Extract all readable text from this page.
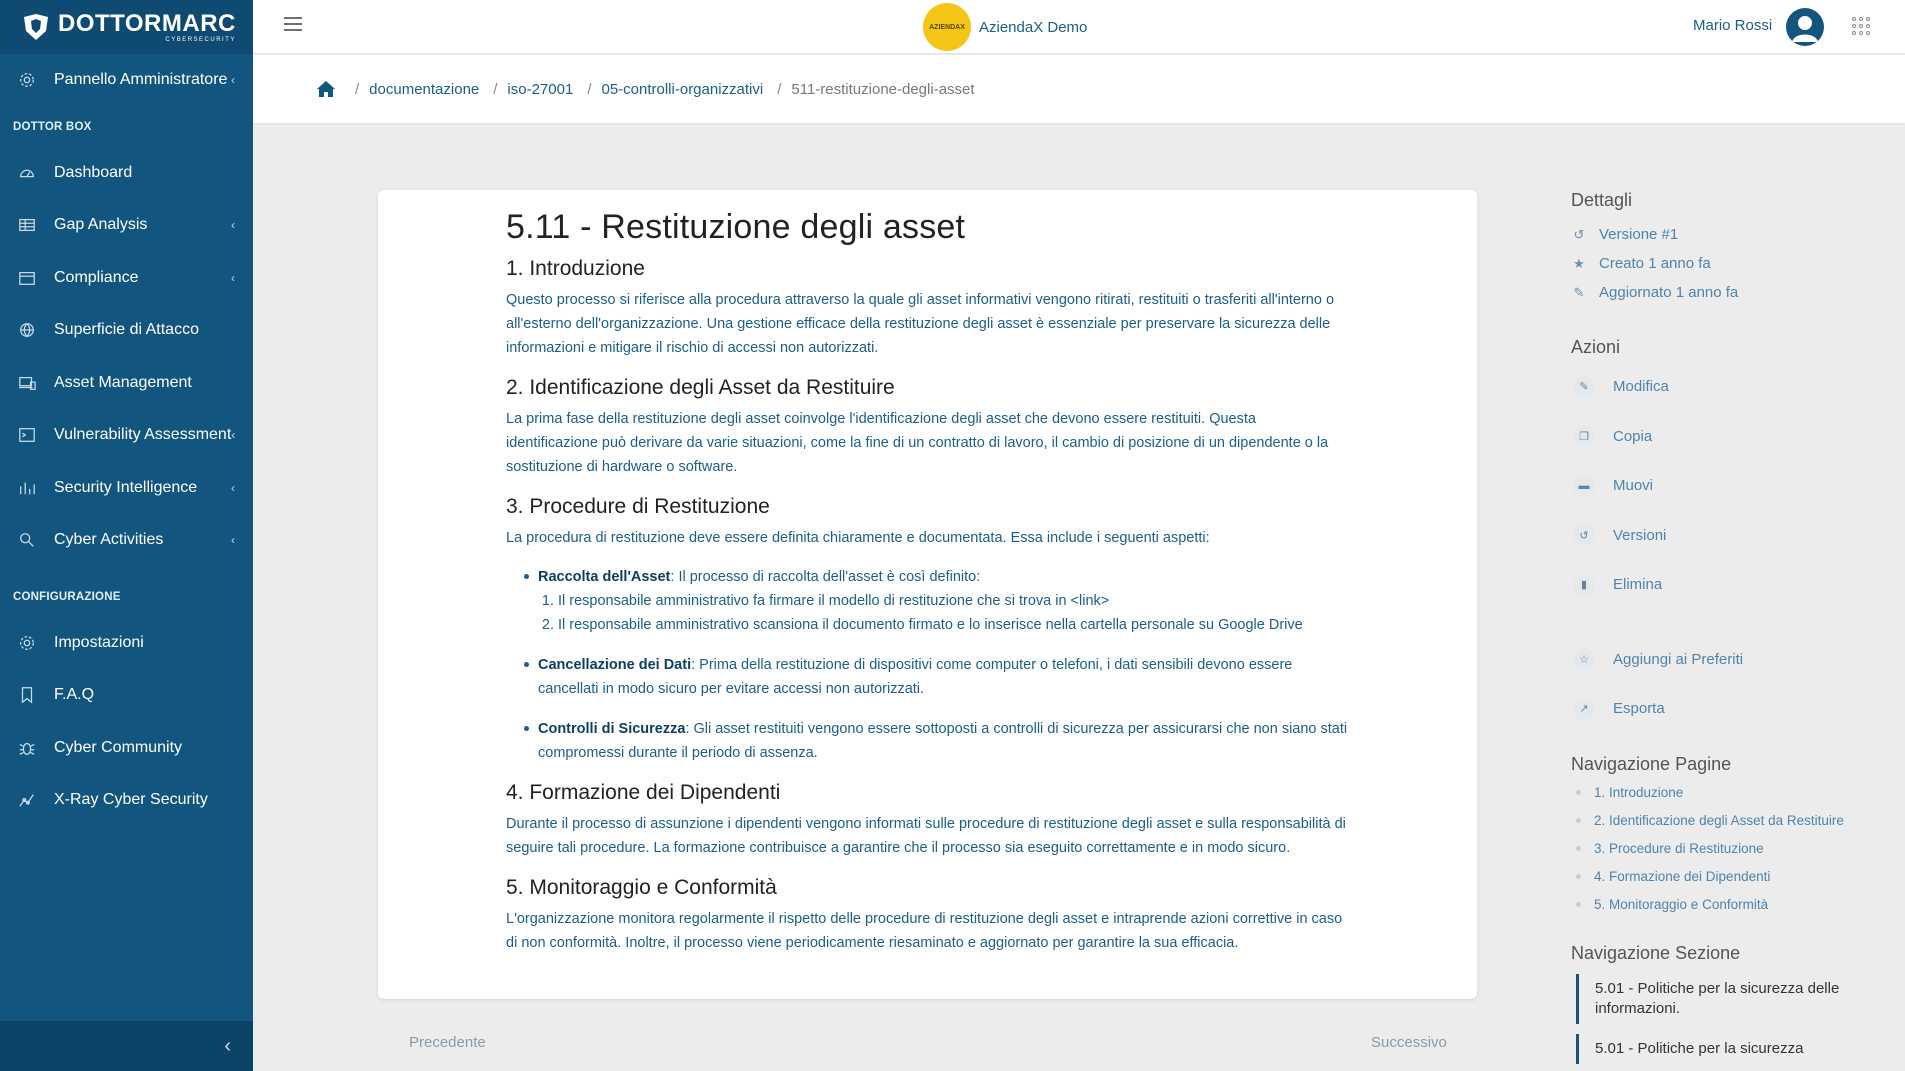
DOTTORMARC
CYBERSECURITY
Pannello Amministratore ‹
DOTTOR BOX
Dashboard
Gap Analysis	‹
Compliance	‹
Superficie di Attacco
Asset Management
Vulnerability Assessment ‹
Security Intelligence	‹
Cyber Activities	‹
CONFIGURAZIONE
Impostazioni
F.A.Q
Cyber Community
X-Ray Cyber Security
‹
AZIENDAX AziendaX Demo	Mario Rossi
/ documentazione / iso-27001 / 05-controlli-organizzativi / 511-restituzione-degli-asset
5.11 - Restituzione degli asset
1. Introduzione

Questo processo si riferisce alla procedura attraverso la quale gli asset informativi vengono ritirati, restituiti o trasferiti all'interno o all'esterno dell'organizzazione. Una gestione efficace della restituzione degli asset è essenziale per preservare la sicurezza delle informazioni e mitigare il rischio di accessi non autorizzati.

2. Identificazione degli Asset da Restituire

La prima fase della restituzione degli asset coinvolge l'identificazione degli asset che devono essere restituiti. Questa identificazione può derivare da varie situazioni, come la fine di un contratto di lavoro, il cambio di posizione di un dipendente o la sostituzione di hardware o software.

3. Procedure di Restituzione

La procedura di restituzione deve essere definita chiaramente e documentata. Essa include i seguenti aspetti:

Raccolta dell'Asset: Il processo di raccolta dell'asset è così definito:
1. Il responsabile amministrativo fa firmare il modello di restituzione che si trova in <link>
2. Il responsabile amministrativo scansiona il documento firmato e lo inserisce nella cartella personale su Google Drive
Cancellazione dei Dati: Prima della restituzione di dispositivi come computer o telefoni, i dati sensibili devono essere cancellati in modo sicuro per evitare accessi non autorizzati.
Controlli di Sicurezza: Gli asset restituiti vengono essere sottoposti a controlli di sicurezza per assicurarsi che non siano stati compromessi durante il periodo di assenza.
4. Formazione dei Dipendenti

Durante il processo di assunzione i dipendenti vengono informati sulle procedure di restituzione degli asset e sulla responsabilità di seguire tali procedure. La formazione contribuisce a garantire che il processo sia eseguito correttamente e in modo sicuro.

5. Monitoraggio e Conformità

L'organizzazione monitora regolarmente il rispetto delle procedure di restituzione degli asset e intraprende azioni correttive in caso di non conformità. Inoltre, il processo viene periodicamente riesaminato e aggiornato per garantire la sua efficacia.

Precedente	Successivo
Dettagli
↺ Versione #1
★ Creato 1 anno fa
✎ Aggiornato 1 anno fa
Azioni
✎	Modifica
❐	Copia
▬	Muovi
↺	Versioni
▮	Elimina
☆	Aggiungi ai Preferiti
↗	Esporta
Navigazione Pagine
1. Introduzione
2. Identificazione degli Asset da Restituire
3. Procedure di Restituzione
4. Formazione dei Dipendenti
5. Monitoraggio e Conformità
Navigazione Sezione
5.01 - Politiche per la sicurezza delle informazioni.
5.01 - Politiche per la sicurezza
